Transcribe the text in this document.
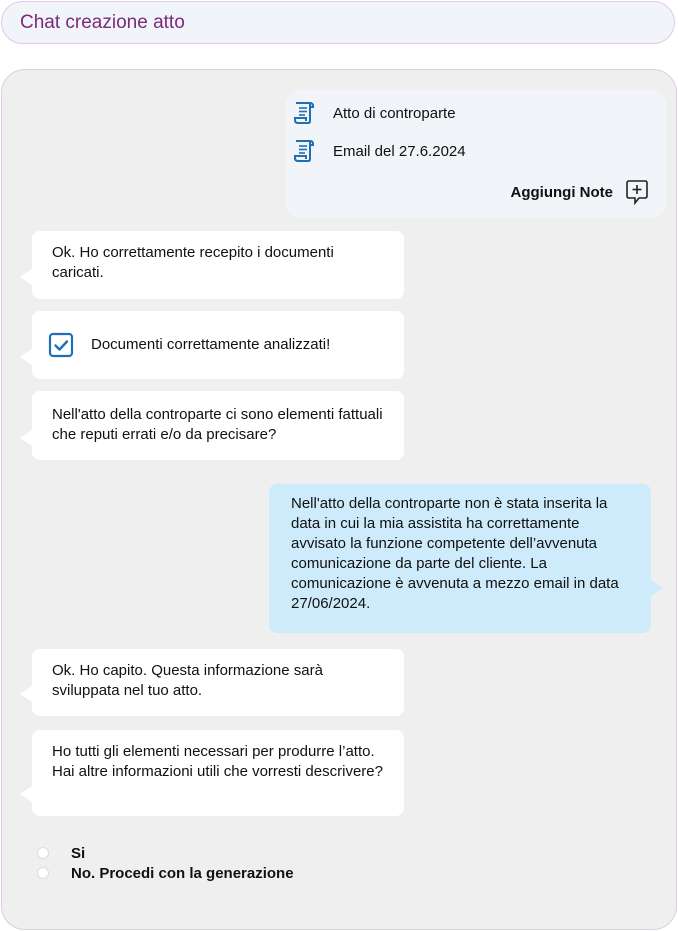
Chat creazione atto
Atto di controparte
Email del 27.6.2024
Aggiungi Note
Ok. Ho correttamente recepito i documenti caricati.
Documenti correttamente analizzati!
Nell'atto della controparte ci sono elementi fattuali che reputi errati e/o da precisare?
Nell'atto della controparte non è stata inserita la data in cui la mia assistita ha correttamente avvisato la funzione competente dell’avvenuta comunicazione da parte del cliente. La comunicazione è avvenuta a mezzo email in data 27/06/2024.
Ok. Ho capito. Questa informazione sarà sviluppata nel tuo atto.
Ho tutti gli elementi necessari per produrre l’atto. Hai altre informazioni utili che vorresti descrivere?
Si
No. Procedi con la generazione
